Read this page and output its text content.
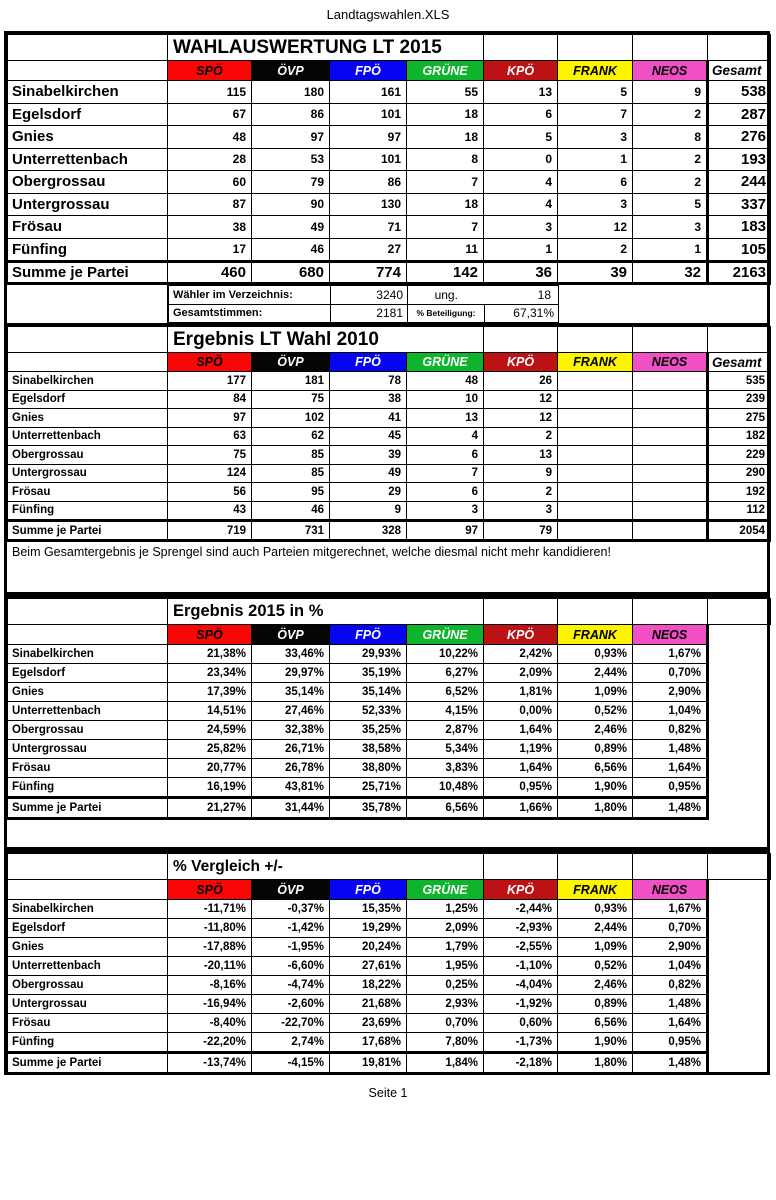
Landtagswahlen.XLS
	WAHLAUSWERTUNG LT 2015							
	SPÖ	ÖVP	FPÖ	GRÜNE	KPÖ	FRANK	NEOS	Gesamt
Sinabelkirchen	115	180	161	55	13	5	9	538
Egelsdorf	67	86	101	18	6	7	2	287
Gnies	48	97	97	18	5	3	8	276
Unterrettenbach	28	53	101	8	0	1	2	193
Obergrossau	60	79	86	7	4	6	2	244
Untergrossau	87	90	130	18	4	3	5	337
Frösau	38	49	71	7	3	12	3	183
Fünfing	17	46	27	11	1	2	1	105
Summe je Partei	460	680	774	142	36	39	32	2163
Wähler im Verzeichnis:	3240	ung.	18
Gesamtstimmen:	2181	% Beteiligung:	67,31%
	Ergebnis LT Wahl 2010							
	SPÖ	ÖVP	FPÖ	GRÜNE	KPÖ	FRANK	NEOS	Gesamt
Sinabelkirchen	177	181	78	48	26			535
Egelsdorf	84	75	38	10	12			239
Gnies	97	102	41	13	12			275
Unterrettenbach	63	62	45	4	2			182
Obergrossau	75	85	39	6	13			229
Untergrossau	124	85	49	7	9			290
Frösau	56	95	29	6	2			192
Fünfing	43	46	9	3	3			112
Summe je Partei	719	731	328	97	79			2054
Beim Gesamtergebnis je Sprengel sind auch Parteien mitgerechnet, welche diesmal nicht mehr kandidieren!
	Ergebnis 2015 in %							
	SPÖ	ÖVP	FPÖ	GRÜNE	KPÖ	FRANK	NEOS	
Sinabelkirchen	21,38%	33,46%	29,93%	10,22%	2,42%	0,93%	1,67%	
Egelsdorf	23,34%	29,97%	35,19%	6,27%	2,09%	2,44%	0,70%	
Gnies	17,39%	35,14%	35,14%	6,52%	1,81%	1,09%	2,90%	
Unterrettenbach	14,51%	27,46%	52,33%	4,15%	0,00%	0,52%	1,04%	
Obergrossau	24,59%	32,38%	35,25%	2,87%	1,64%	2,46%	0,82%	
Untergrossau	25,82%	26,71%	38,58%	5,34%	1,19%	0,89%	1,48%	
Frösau	20,77%	26,78%	38,80%	3,83%	1,64%	6,56%	1,64%	
Fünfing	16,19%	43,81%	25,71%	10,48%	0,95%	1,90%	0,95%	
Summe je Partei	21,27%	31,44%	35,78%	6,56%	1,66%	1,80%	1,48%	
	% Vergleich +/-							
	SPÖ	ÖVP	FPÖ	GRÜNE	KPÖ	FRANK	NEOS	
Sinabelkirchen	-11,71%	-0,37%	15,35%	1,25%	-2,44%	0,93%	1,67%	
Egelsdorf	-11,80%	-1,42%	19,29%	2,09%	-2,93%	2,44%	0,70%	
Gnies	-17,88%	-1,95%	20,24%	1,79%	-2,55%	1,09%	2,90%	
Unterrettenbach	-20,11%	-6,60%	27,61%	1,95%	-1,10%	0,52%	1,04%	
Obergrossau	-8,16%	-4,74%	18,22%	0,25%	-4,04%	2,46%	0,82%	
Untergrossau	-16,94%	-2,60%	21,68%	2,93%	-1,92%	0,89%	1,48%	
Frösau	-8,40%	-22,70%	23,69%	0,70%	0,60%	6,56%	1,64%	
Fünfing	-22,20%	2,74%	17,68%	7,80%	-1,73%	1,90%	0,95%	
Summe je Partei	-13,74%	-4,15%	19,81%	1,84%	-2,18%	1,80%	1,48%	
Seite 1
